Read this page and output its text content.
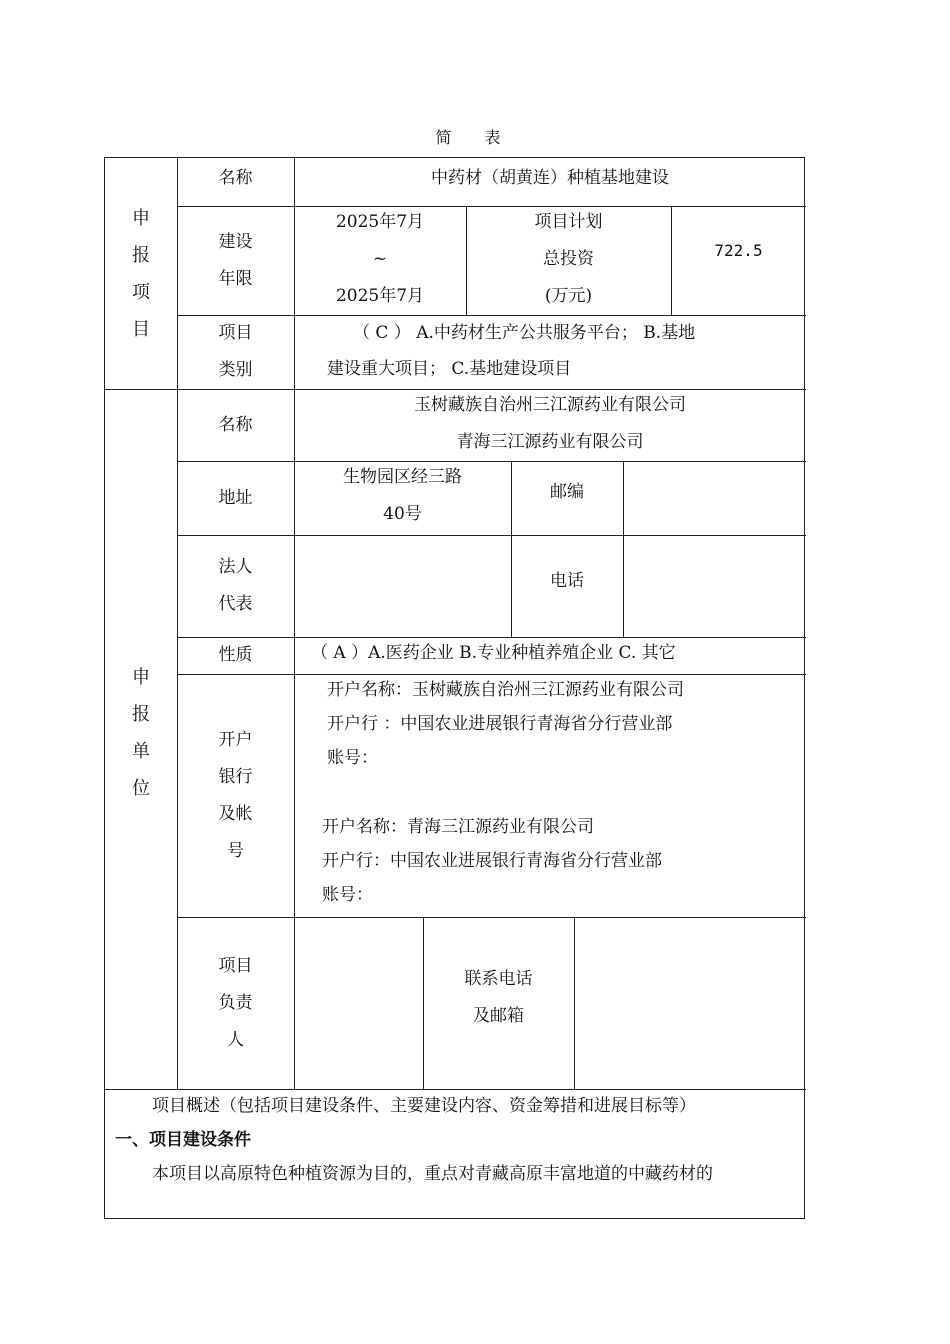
简 表
申
报
项
目
名称	中药材（胡黄连）种植基地建设
建设
年限
2025年7月
~
2025年7月
项目计划
总投资
(万元)
722.5
项目
类别
（ C ） A.中药材生产公共服务平台； B.基地
建设重大项目； C.基地建设项目
申
报
单
位
名称
玉树藏族自治州三江源药业有限公司
青海三江源药业有限公司
地址
生物园区经三路
40号
邮编
法人
代表
电话
性质	（ A ）A.医药企业 B.专业种植养殖企业 C. 其它
开户
银行
及帐
号
开户名称：玉树藏族自治州三江源药业有限公司
开户行 ：中国农业进展银行青海省分行营业部
账号：
开户名称：青海三江源药业有限公司
开户行：中国农业进展银行青海省分行营业部
账号：
项目
负责
人
联系电话
及邮箱
项目概述（包括项目建设条件、主要建设内容、资金筹措和进展目标等）
一、项目建设条件
本项目以高原特色种植资源为目的，重点对青藏高原丰富地道的中藏药材的
